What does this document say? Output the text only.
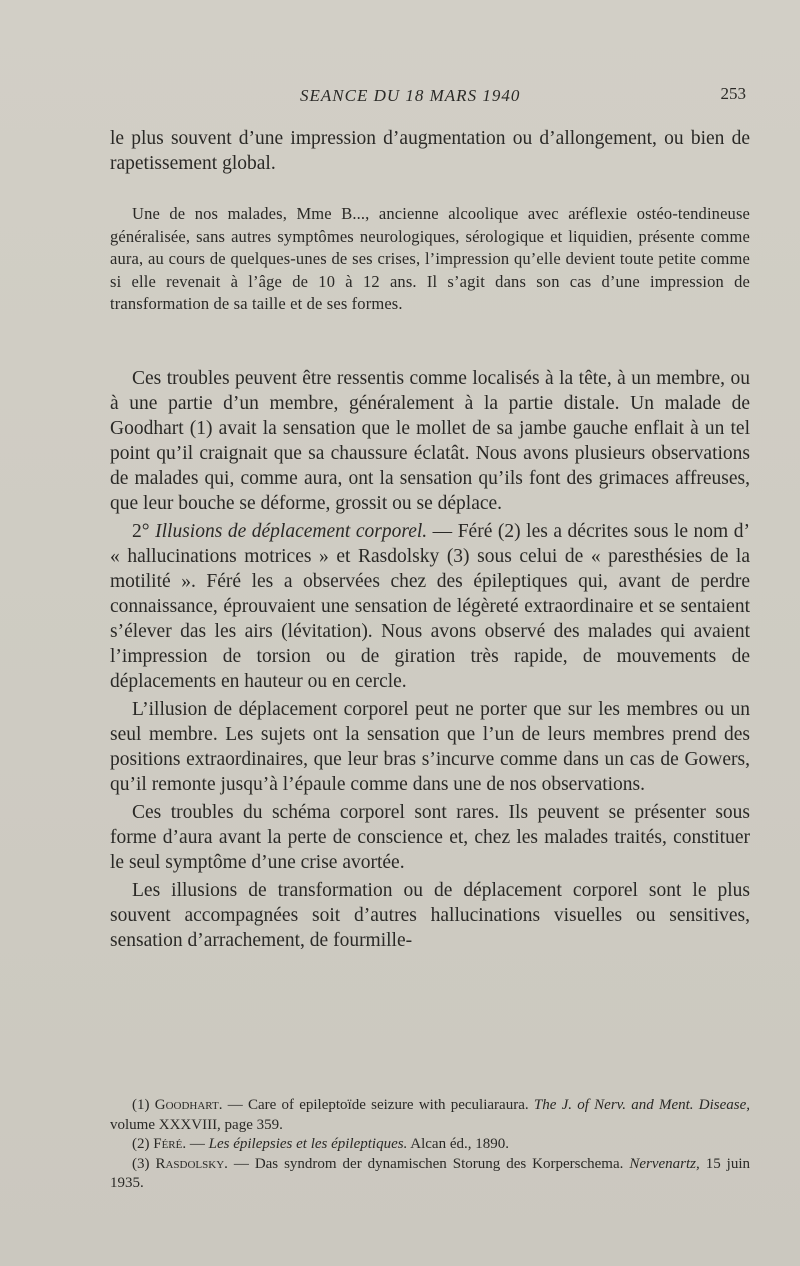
SEANCE DU 18 MARS 1940	253

le plus souvent d’une impression d’augmentation ou d’allongement, ou bien de rapetissement global.

Une de nos malades, Mme B..., ancienne alcoolique avec aréflexie ostéo-tendineuse généralisée, sans autres symptômes neurologiques, sérologique et liquidien, présente comme aura, au cours de quelques-unes de ses crises, l’impression qu’elle devient toute petite comme si elle revenait à l’âge de 10 à 12 ans. Il s’agit dans son cas d’une impression de transformation de sa taille et de ses formes.

Ces troubles peuvent être ressentis comme localisés à la tête, à un membre, ou à une partie d’un membre, généralement à la partie distale. Un malade de Goodhart (1) avait la sensation que le mollet de sa jambe gauche enflait à un tel point qu’il craignait que sa chaussure éclatât. Nous avons plusieurs observations de malades qui, comme aura, ont la sensation qu’ils font des grimaces affreuses, que leur bouche se déforme, grossit ou se déplace.

2° Illusions de déplacement corporel. — Féré (2) les a décrites sous le nom d’ « hallucinations motrices » et Rasdolsky (3) sous celui de « paresthésies de la motilité ». Féré les a observées chez des épileptiques qui, avant de perdre connaissance, éprouvaient une sensation de légèreté extraordinaire et se sentaient s’élever das les airs (lévitation). Nous avons observé des malades qui avaient l’impression de torsion ou de giration très rapide, de mouvements de déplacements en hauteur ou en cercle.

L’illusion de déplacement corporel peut ne porter que sur les membres ou un seul membre. Les sujets ont la sensation que l’un de leurs membres prend des positions extraordinaires, que leur bras s’incurve comme dans un cas de Gowers, qu’il remonte jusqu’à l’épaule comme dans une de nos observations.

Ces troubles du schéma corporel sont rares. Ils peuvent se présenter sous forme d’aura avant la perte de conscience et, chez les malades traités, constituer le seul symptôme d’une crise avortée.

Les illusions de transformation ou de déplacement corporel sont le plus souvent accompagnées soit d’autres hallucinations visuelles ou sensitives, sensation d’arrachement, de fourmille-

(1) Goodhart. — Care of epileptoïde seizure with peculiaraura. The J. of Nerv. and Ment. Disease, volume XXXVIII, page 359.

(2) Féré. — Les épilepsies et les épileptiques. Alcan éd., 1890.

(3) Rasdolsky. — Das syndrom der dynamischen Storung des Korperschema. Nervenartz, 15 juin 1935.
